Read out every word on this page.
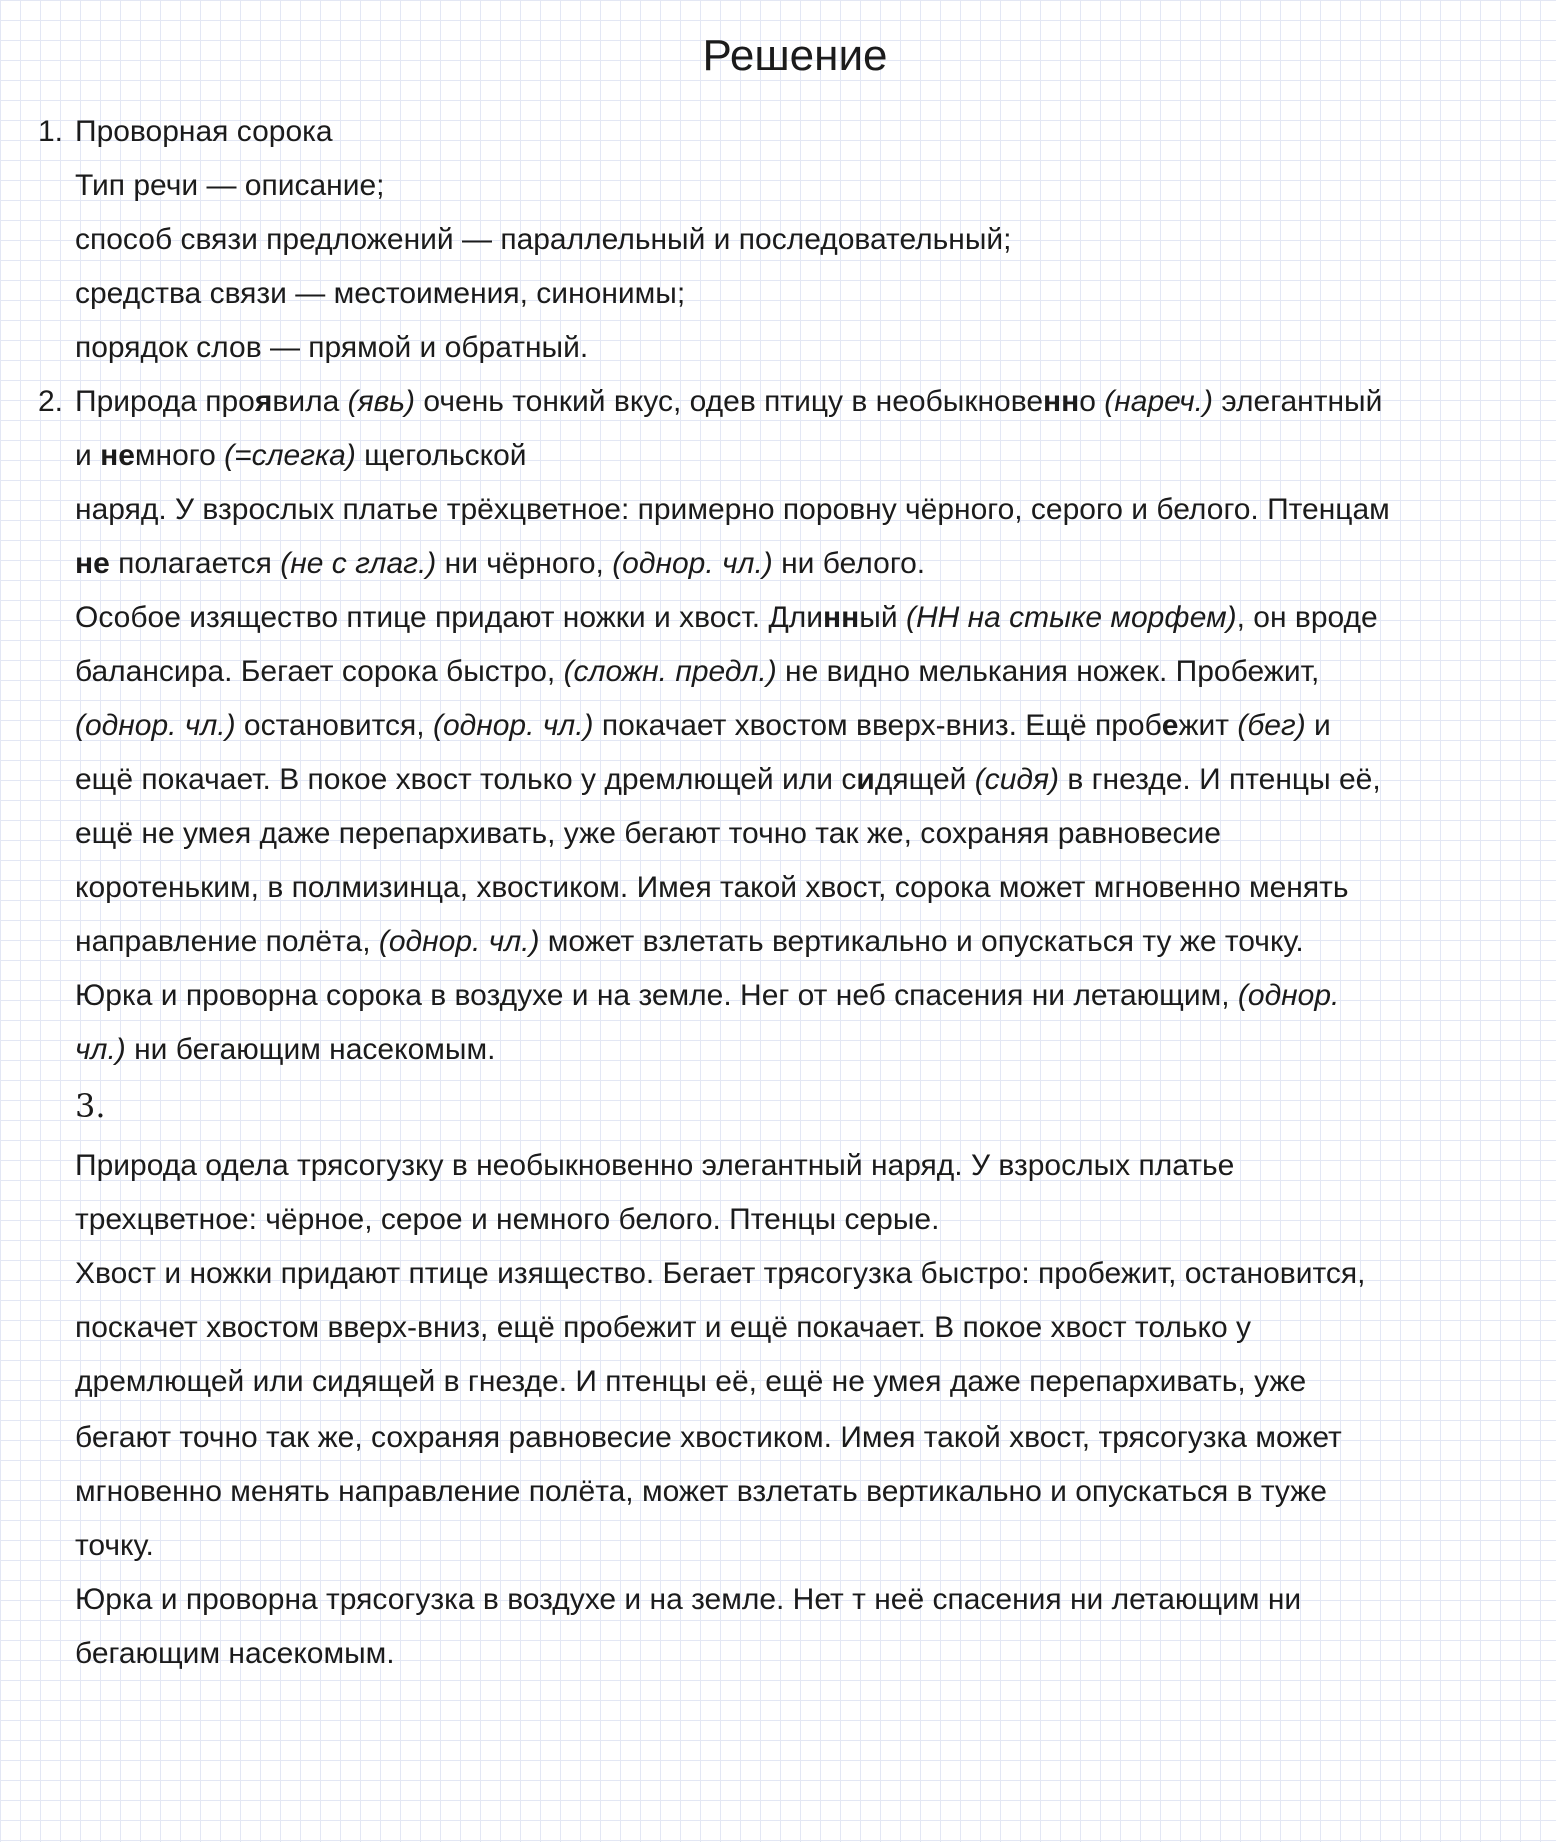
Решение
1. Проворная сорока
Тип речи — описание;
способ связи предложений — параллельный и последовательный;
средства связи — местоимения, синонимы;
порядок слов — прямой и обратный.
2. Природа проявила (явь) очень тонкий вкус, одев птицу в необыкновенно (нареч.) элегантный
и немного (=слегка) щегольской
наряд. У взрослых платье трёхцветное: примерно поровну чёрного, серого и белого. Птенцам
не полагается (не с глаг.) ни чёрного, (однор. чл.) ни белого.
Особое изящество птице придают ножки и хвост. Длинный (НН на стыке морфем), он вроде
балансира. Бегает сорока быстро, (сложн. предл.) не видно мелькания ножек. Пробежит,
(однор. чл.) остановится, (однор. чл.) покачает хвостом вверх-вниз. Ещё пробежит (бег) и
ещё покачает. В покое хвост только у дремлющей или сидящей (сидя) в гнезде. И птенцы её,
ещё не умея даже перепархивать, уже бегают точно так же, сохраняя равновесие
коротеньким, в полмизинца, хвостиком. Имея такой хвост, сорока может мгновенно менять
направление полёта, (однор. чл.) может взлетать вертикально и опускаться ту же точку.
Юрка и проворна сорока в воздухе и на земле. Нег от неб спасения ни летающим, (однор.
чл.) ни бегающим насекомым.
3.
Природа одела трясогузку в необыкновенно элегантный наряд. У взрослых платье
трехцветное: чёрное, серое и немного белого. Птенцы серые.
Хвост и ножки придают птице изящество. Бегает трясогузка быстро: пробежит, остановится,
поскачет хвостом вверх-вниз, ещё пробежит и ещё покачает. В покое хвост только у
дремлющей или сидящей в гнезде. И птенцы её, ещё не умея даже перепархивать, уже
бегают точно так же, сохраняя равновесие хвостиком. Имея такой хвост, трясогузка может
мгновенно менять направление полёта, может взлетать вертикально и опускаться в туже
точку.
Юрка и проворна трясогузка в воздухе и на земле. Нет т неё спасения ни летающим ни
бегающим насекомым.
